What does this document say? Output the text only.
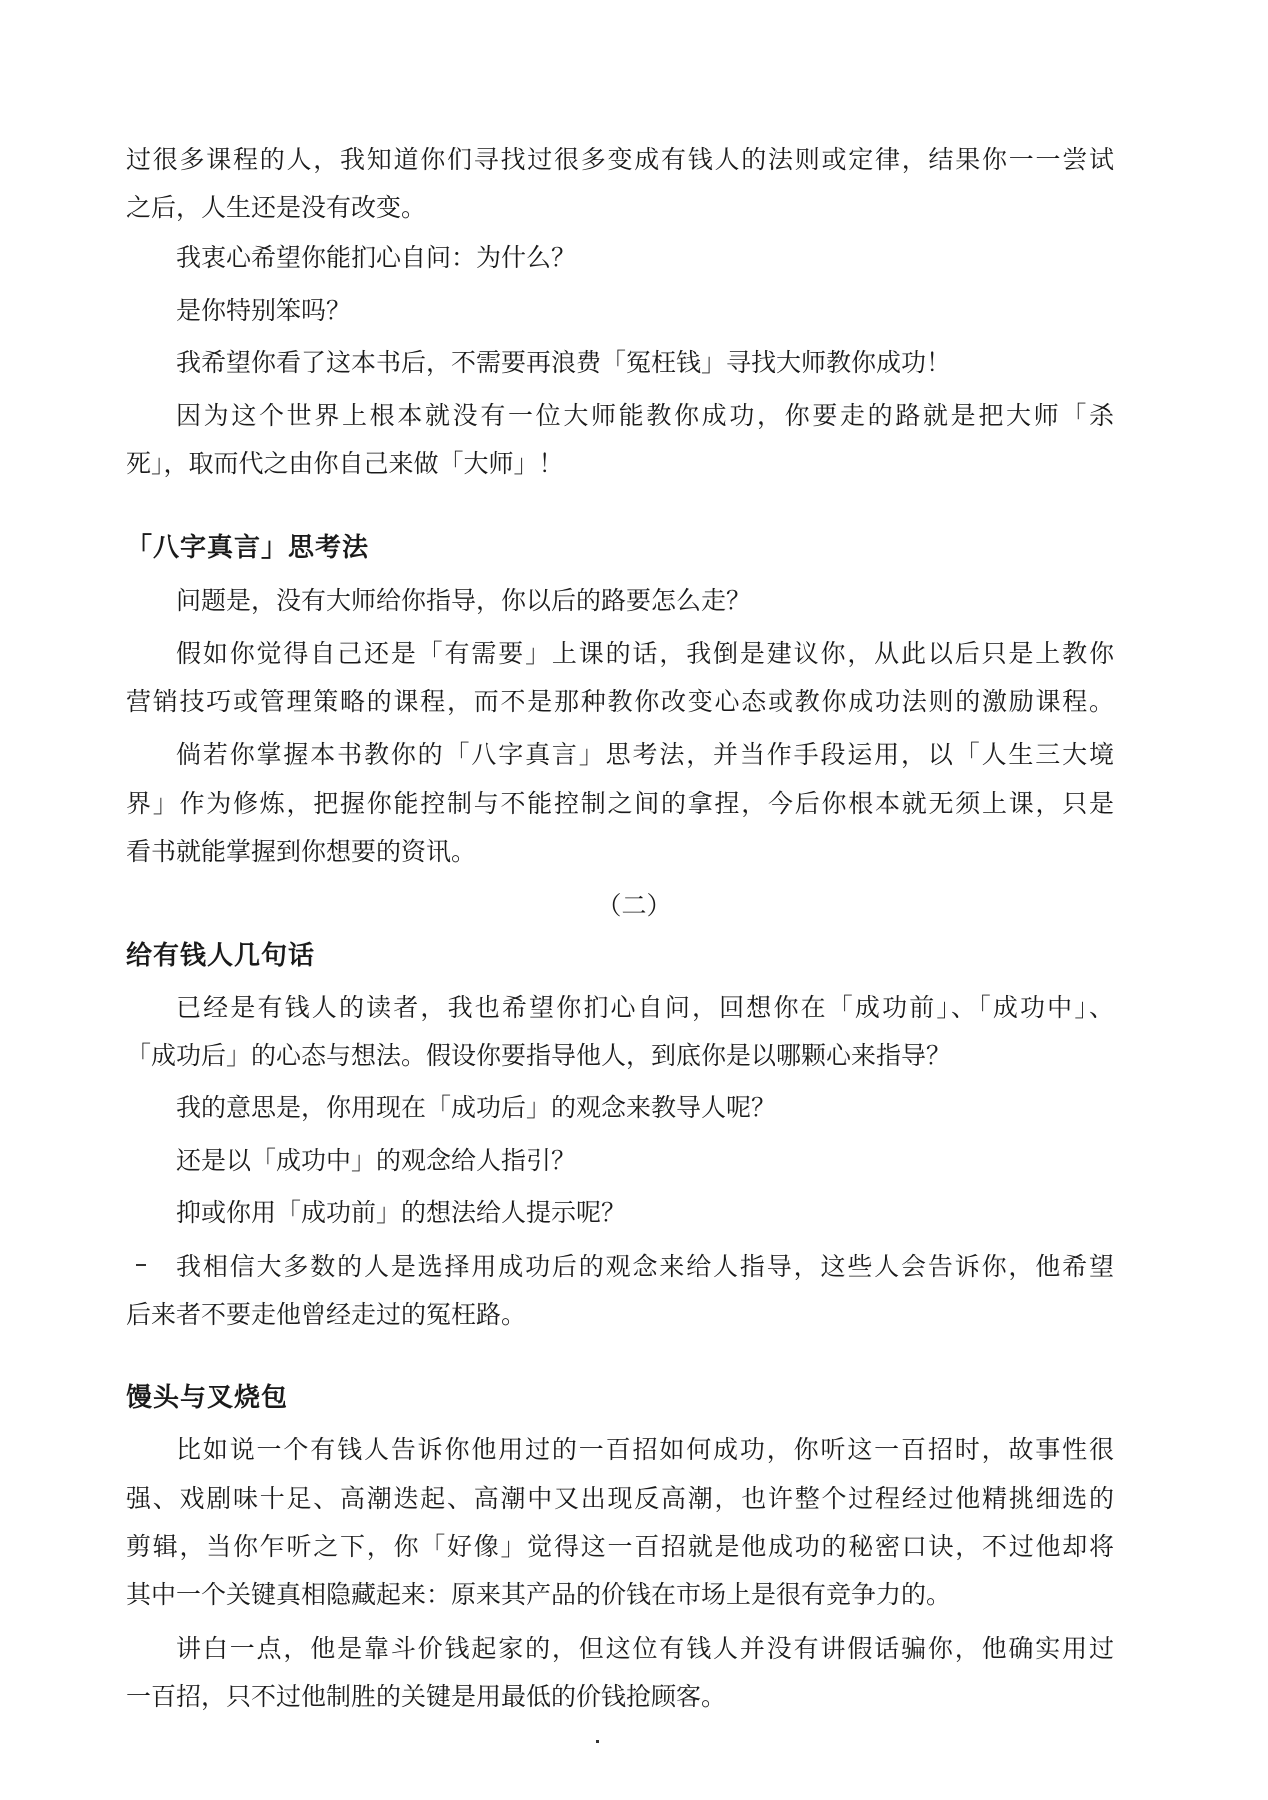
过很多课程的人，我知道你们寻找过很多变成有钱人的法则或定律，结果你一一尝试

之后，人生还是没有改变。

我衷心希望你能扪心自问：为什么？

是你特别笨吗？

我希望你看了这本书后，不需要再浪费「冤枉钱」寻找大师教你成功！

因为这个世界上根本就没有一位大师能教你成功，你要走的路就是把大师「杀

死」，取而代之由你自己来做「大师」！

「八字真言」思考法

问题是，没有大师给你指导，你以后的路要怎么走？

假如你觉得自己还是「有需要」上课的话，我倒是建议你，从此以后只是上教你

营销技巧或管理策略的课程，而不是那种教你改变心态或教你成功法则的激励课程。

倘若你掌握本书教你的「八字真言」思考法，并当作手段运用，以「人生三大境

界」作为修炼，把握你能控制与不能控制之间的拿捏，今后你根本就无须上课，只是

看书就能掌握到你想要的资讯。

（二）

给有钱人几句话

已经是有钱人的读者，我也希望你扪心自问，回想你在「成功前」、「成功中」、

「成功后」的心态与想法。假设你要指导他人，到底你是以哪颗心来指导？

我的意思是，你用现在「成功后」的观念来教导人呢？

还是以「成功中」的观念给人指引？

抑或你用「成功前」的想法给人提示呢？

我相信大多数的人是选择用成功后的观念来给人指导，这些人会告诉你，他希望

后来者不要走他曾经走过的冤枉路。

馒头与叉烧包

比如说一个有钱人告诉你他用过的一百招如何成功，你听这一百招时，故事性很

强、戏剧味十足、高潮迭起、高潮中又出现反高潮，也许整个过程经过他精挑细选的

剪辑，当你乍听之下，你「好像」觉得这一百招就是他成功的秘密口诀，不过他却将

其中一个关键真相隐藏起来：原来其产品的价钱在市场上是很有竞争力的。

讲白一点，他是靠斗价钱起家的，但这位有钱人并没有讲假话骗你，他确实用过

一百招，只不过他制胜的关键是用最低的价钱抢顾客。
